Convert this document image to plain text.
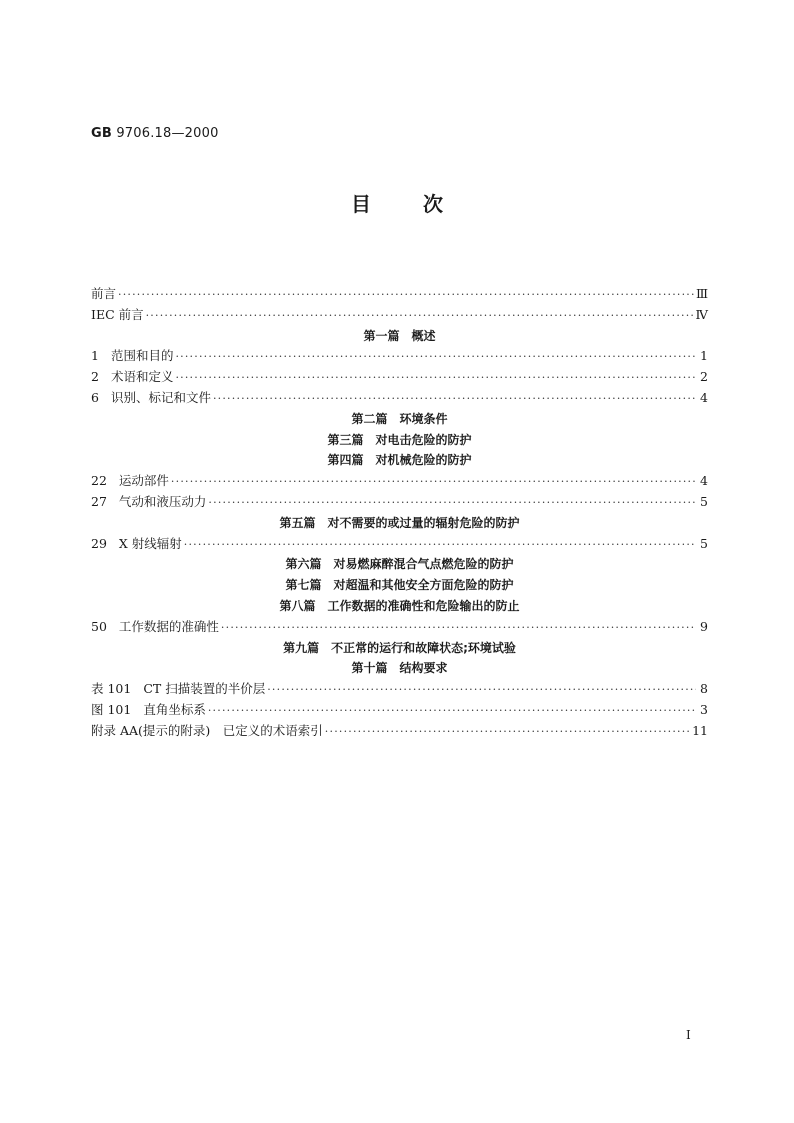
GB 9706.18—2000
目次
前言 ·····	Ⅲ
IEC 前言 ·····	Ⅳ
第一篇 概述
1 范围和目的 ·····	1
2 术语和定义 ·····	2
6 识别、标记和文件 ·····	4
第二篇 环境条件
第三篇 对电击危险的防护
第四篇 对机械危险的防护
22 运动部件 ·····	4
27 气动和液压动力 ·····	5
第五篇 对不需要的或过量的辐射危险的防护
29 X 射线辐射 ·····	5
第六篇 对易燃麻醉混合气点燃危险的防护
第七篇 对超温和其他安全方面危险的防护
第八篇 工作数据的准确性和危险输出的防止
50 工作数据的准确性 ·····	9
第九篇 不正常的运行和故障状态;环境试验
第十篇 结构要求
表 101 CT 扫描装置的半价层 ·····	8
图 101 直角坐标系 ·····	3
附录 AA(提示的附录)　已定义的术语索引 ·····	11
I
